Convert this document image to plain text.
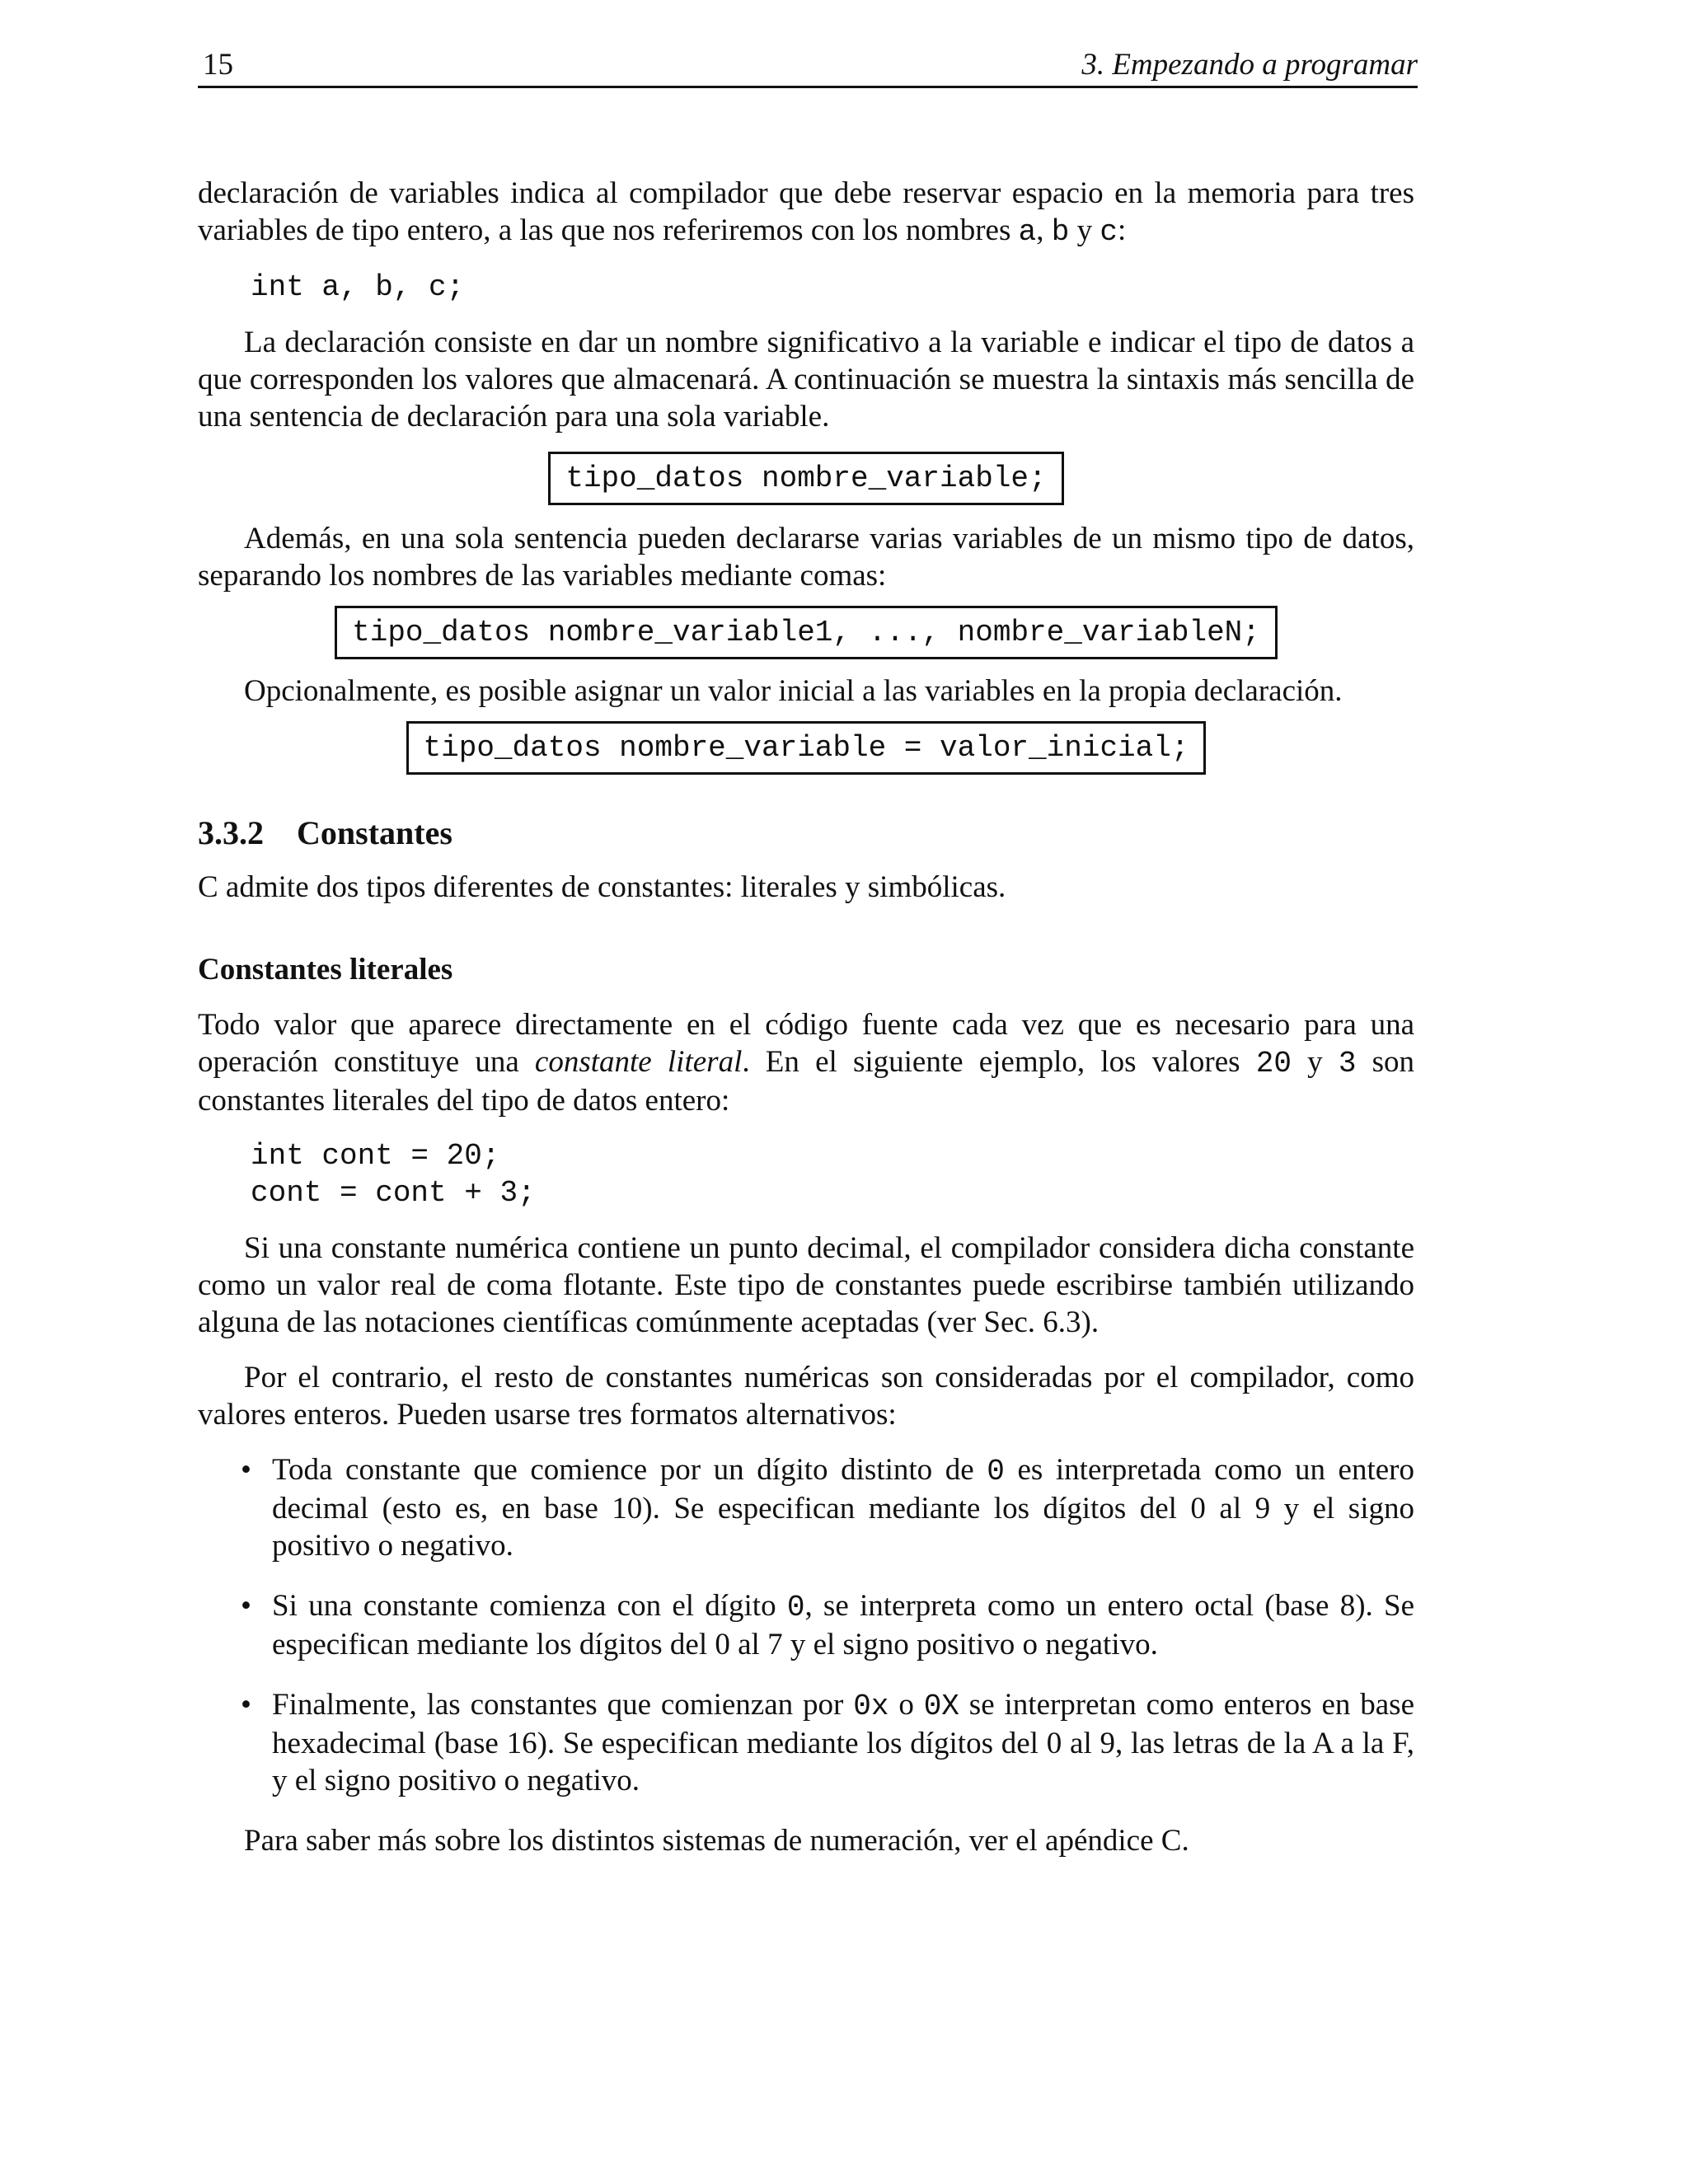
15	3. Empezando a programar

declaración de variables indica al compilador que debe reservar espacio en la memoria para tres variables de tipo entero, a las que nos referiremos con los nombres a, b y c:

int a, b, c;

La declaración consiste en dar un nombre significativo a la variable e indicar el tipo de datos a que corresponden los valores que almacenará. A continuación se muestra la sintaxis más sencilla de una sentencia de declaración para una sola variable.

tipo_datos nombre_variable;

Además, en una sola sentencia pueden declararse varias variables de un mismo tipo de datos, separando los nombres de las variables mediante comas:

tipo_datos nombre_variable1, ..., nombre_variableN;

Opcionalmente, es posible asignar un valor inicial a las variables en la propia declaración.

tipo_datos nombre_variable = valor_inicial;
3.3.2 Constantes

C admite dos tipos diferentes de constantes: literales y simbólicas.

Constantes literales

Todo valor que aparece directamente en el código fuente cada vez que es necesario para una operación constituye una constante literal. En el siguiente ejemplo, los valores 20 y 3 son constantes literales del tipo de datos entero:

int cont = 20;
cont = cont + 3;

Si una constante numérica contiene un punto decimal, el compilador considera dicha constante como un valor real de coma flotante. Este tipo de constantes puede escribirse también utilizando alguna de las notaciones científicas comúnmente aceptadas (ver Sec. 6.3).

Por el contrario, el resto de constantes numéricas son consideradas por el compilador, como valores enteros. Pueden usarse tres formatos alternativos:

• Toda constante que comience por un dígito distinto de 0 es interpretada como un entero decimal (esto es, en base 10). Se especifican mediante los dígitos del 0 al 9 y el signo positivo o negativo.

• Si una constante comienza con el dígito 0, se interpreta como un entero octal (base 8). Se especifican mediante los dígitos del 0 al 7 y el signo positivo o negativo.

• Finalmente, las constantes que comienzan por 0x o 0X se interpretan como enteros en base hexadecimal (base 16). Se especifican mediante los dígitos del 0 al 9, las letras de la A a la F, y el signo positivo o negativo.

Para saber más sobre los distintos sistemas de numeración, ver el apéndice C.
